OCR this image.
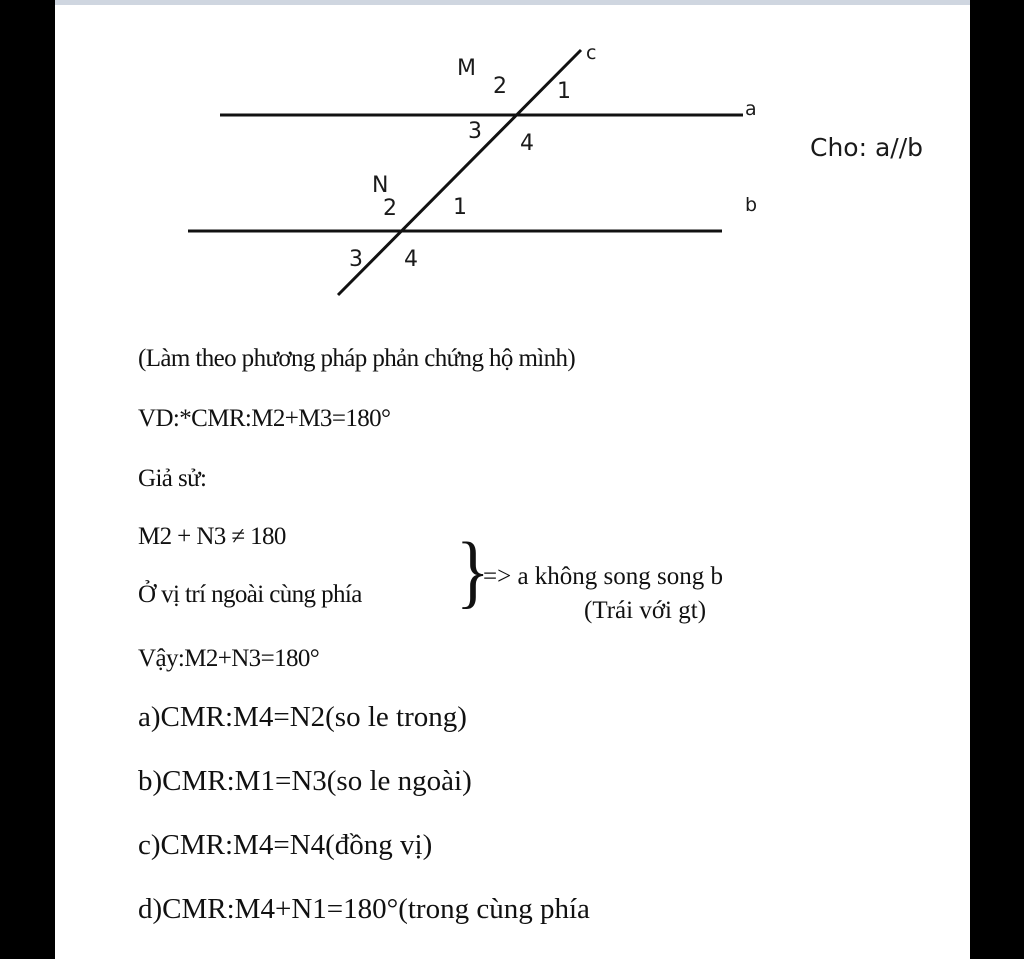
M
N
c
a
b
1
2
3 4
1
2
3 4
Cho: a//b
(Làm theo phương pháp phản chứng hộ mình)
VD:*CMR:M2+M3=180°
Giả sử:
M2 + N3 ≠ 180
Ở vị trí ngoài cùng phía }
=> a không song song b
(Trái với gt)
Vậy:M2+N3=180°
a)CMR:M4=N2(so le trong)
b)CMR:M1=N3(so le ngoài)
c)CMR:M4=N4(đồng vị)
d)CMR:M4+N1=180°(trong cùng phía
